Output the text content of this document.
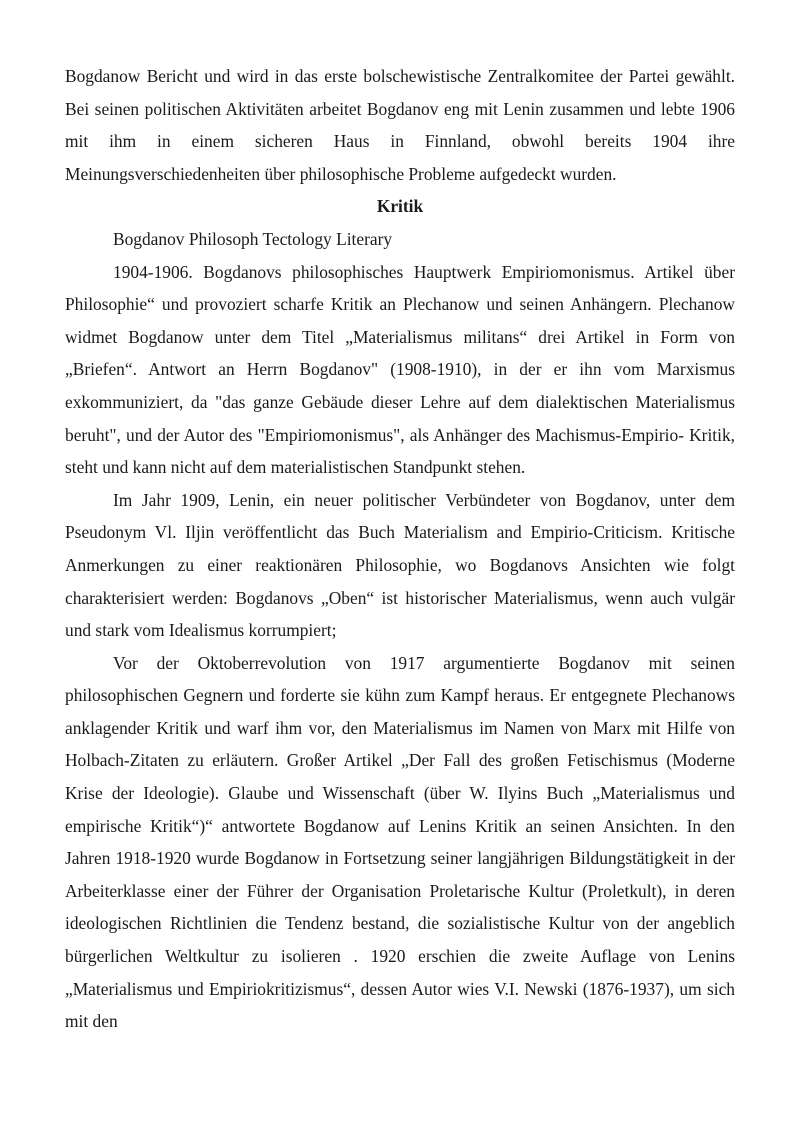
Bogdanow Bericht und wird in das erste bolschewistische Zentralkomitee der Partei gewählt. Bei seinen politischen Aktivitäten arbeitet Bogdanov eng mit Lenin zusammen und lebte 1906 mit ihm in einem sicheren Haus in Finnland, obwohl bereits 1904 ihre Meinungsverschiedenheiten über philosophische Probleme aufgedeckt wurden.

Kritik

Bogdanov Philosoph Tectology Literary

1904-1906. Bogdanovs philosophisches Hauptwerk Empiriomonismus. Artikel über Philosophie“ und provoziert scharfe Kritik an Plechanow und seinen Anhängern. Plechanow widmet Bogdanow unter dem Titel „Materialismus militans“ drei Artikel in Form von „Briefen“. Antwort an Herrn Bogdanov" (1908-1910), in der er ihn vom Marxismus exkommuniziert, da "das ganze Gebäude dieser Lehre auf dem dialektischen Materialismus beruht", und der Autor des "Empiriomonismus", als Anhänger des Machismus-Empirio- Kritik, steht und kann nicht auf dem materialistischen Standpunkt stehen.

Im Jahr 1909, Lenin, ein neuer politischer Verbündeter von Bogdanov, unter dem Pseudonym Vl. Iljin veröffentlicht das Buch Materialism and Empirio-Criticism. Kritische Anmerkungen zu einer reaktionären Philosophie, wo Bogdanovs Ansichten wie folgt charakterisiert werden: Bogdanovs „Oben“ ist historischer Materialismus, wenn auch vulgär und stark vom Idealismus korrumpiert;

Vor der Oktoberrevolution von 1917 argumentierte Bogdanov mit seinen philosophischen Gegnern und forderte sie kühn zum Kampf heraus. Er entgegnete Plechanows anklagender Kritik und warf ihm vor, den Materialismus im Namen von Marx mit Hilfe von Holbach-Zitaten zu erläutern. Großer Artikel „Der Fall des großen Fetischismus (Moderne Krise der Ideologie). Glaube und Wissenschaft (über W. Ilyins Buch „Materialismus und empirische Kritik“)“ antwortete Bogdanow auf Lenins Kritik an seinen Ansichten. In den Jahren 1918-1920 wurde Bogdanow in Fortsetzung seiner langjährigen Bildungstätigkeit in der Arbeiterklasse einer der Führer der Organisation Proletarische Kultur (Proletkult), in deren ideologischen Richtlinien die Tendenz bestand, die sozialistische Kultur von der angeblich bürgerlichen Weltkultur zu isolieren . 1920 erschien die zweite Auflage von Lenins „Materialismus und Empiriokritizismus“, dessen Autor wies V.I. Newski (1876-1937), um sich mit den
